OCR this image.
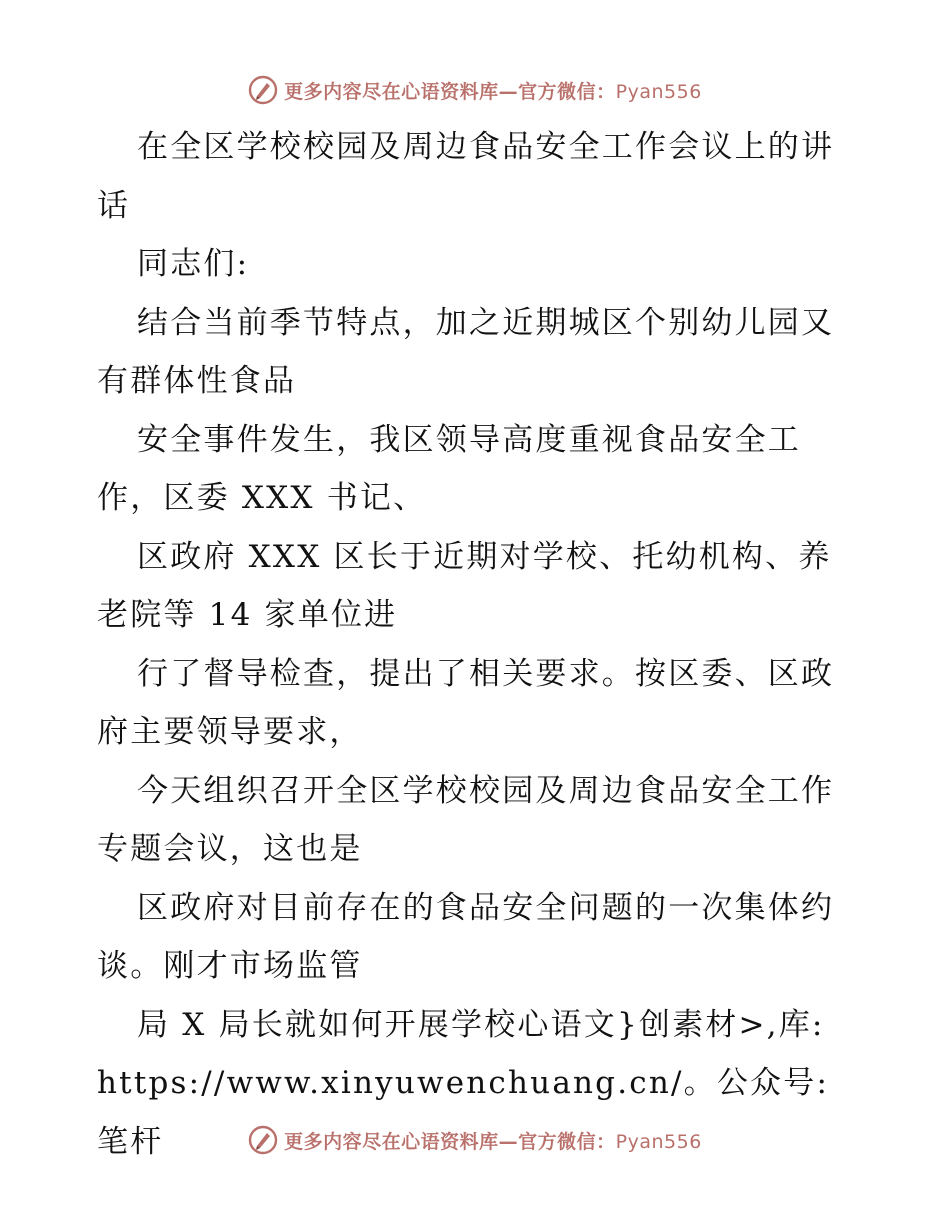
更多内容尽在心语资料库—官方微信：Pyan556
在全区学校校园及周边食品安全工作会议上的讲
话
同志们:
结合当前季节特点，加之近期城区个别幼儿园又
有群体性食品
安全事件发生，我区领导高度重视食品安全工
作，区委 XXX 书记、
区政府 XXX 区长于近期对学校、托幼机构、养
老院等 14 家单位进
行了督导检查，提出了相关要求。按区委、区政
府主要领导要求，
今天组织召开全区学校校园及周边食品安全工作
专题会议，这也是
区政府对目前存在的食品安全问题的一次集体约
谈。刚才市场监管
局 X 局长就如何开展学校心语文}创素材>,库:
https://www.xinyuwenchuang.cn/。公众号: 笔杆	更多内容尽在心语资料库—官方微信：Pyan556
